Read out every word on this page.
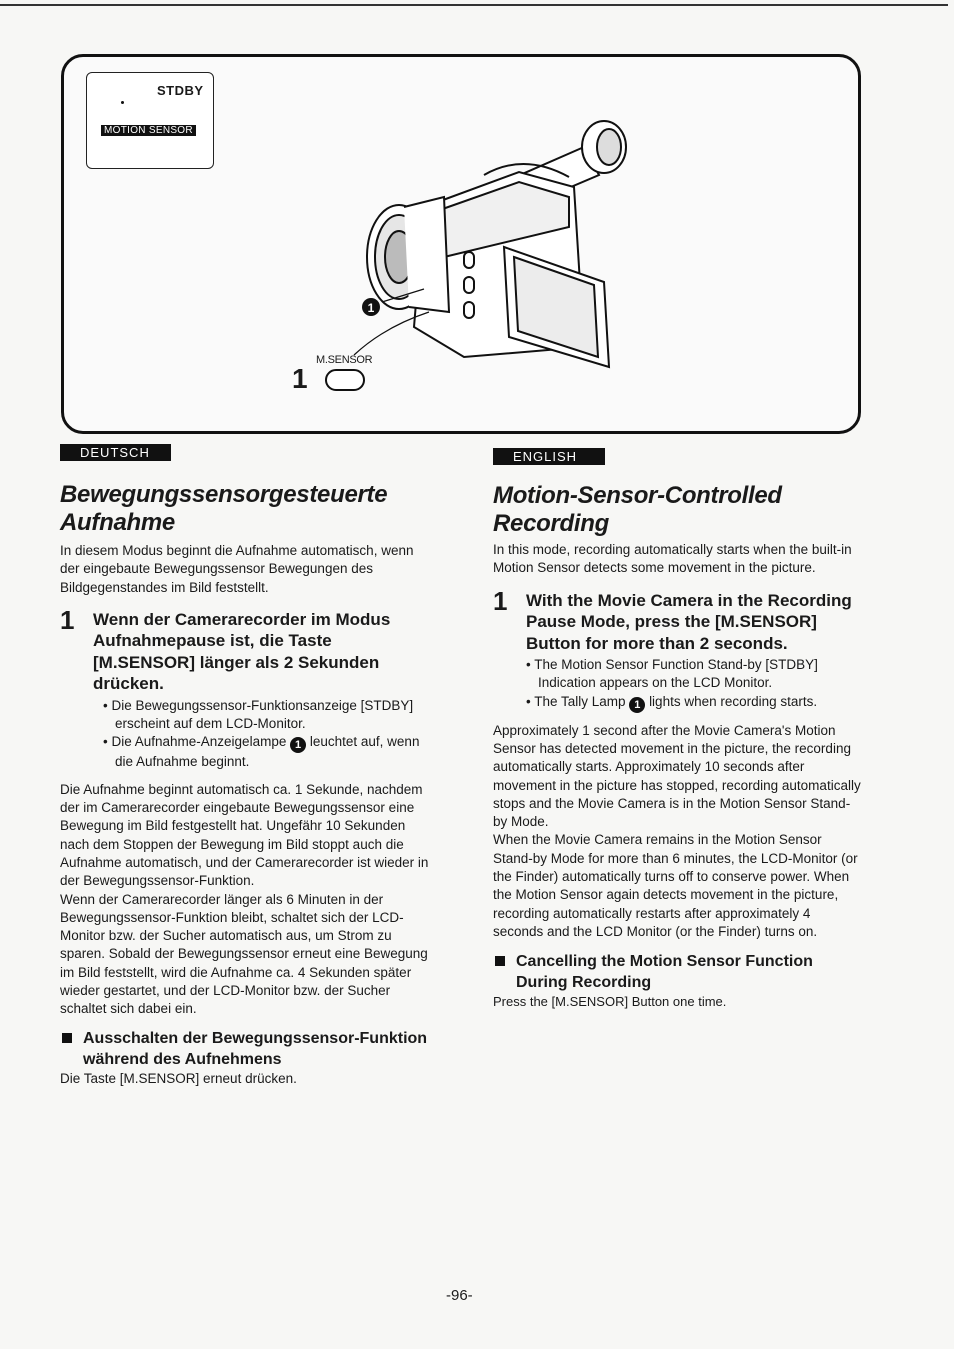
STDBY
MOTION SENSOR
1
M.SENSOR
1
DEUTSCH	ENGLISH
Bewegungssensorgesteuerte
Aufnahme

In diesem Modus beginnt die Aufnahme automatisch, wenn der eingebaute Bewegungssensor Bewegungen des Bildgegenstandes im Bild feststellt.

1 Wenn der Camerarecorder im Modus Aufnahmepause ist, die Taste [M.SENSOR] länger als 2 Sekunden drücken.

• Die Bewegungssensor-Funktionsanzeige [STDBY] erscheint auf dem LCD-Monitor.

• Die Aufnahme-Anzeigelampe 1 leuchtet auf, wenn die Aufnahme beginnt.

Die Aufnahme beginnt automatisch ca. 1 Sekunde, nachdem der im Camerarecorder eingebaute Bewegungssensor eine Bewegung im Bild festgestellt hat. Ungefähr 10 Sekunden nach dem Stoppen der Bewegung im Bild stoppt auch die Aufnahme automatisch, und der Camerarecorder ist wieder in der Bewegungssensor-Funktion.

Wenn der Camerarecorder länger als 6 Minuten in der Bewegungssensor-Funktion bleibt, schaltet sich der LCD-Monitor bzw. der Sucher automatisch aus, um Strom zu sparen. Sobald der Bewegungssensor erneut eine Bewegung im Bild feststellt, wird die Aufnahme ca. 4 Sekunden später wieder gestartet, und der LCD-Monitor bzw. der Sucher schaltet sich dabei ein.

Ausschalten der Bewegungssensor-Funktion während des Aufnehmens

Die Taste [M.SENSOR] erneut drücken.

Motion-Sensor-Controlled
Recording

In this mode, recording automatically starts when the built-in Motion Sensor detects some movement in the picture.

1 With the Movie Camera in the Recording Pause Mode, press the [M.SENSOR] Button for more than 2 seconds.

• The Motion Sensor Function Stand-by [STDBY] Indication appears on the LCD Monitor.

• The Tally Lamp 1 lights when recording starts.

Approximately 1 second after the Movie Camera's Motion Sensor has detected movement in the picture, the recording automatically starts. Approximately 10 seconds after movement in the picture has stopped, recording automatically stops and the Movie Camera is in the Motion Sensor Stand-by Mode.

When the Movie Camera remains in the Motion Sensor Stand-by Mode for more than 6 minutes, the LCD-Monitor (or the Finder) automatically turns off to conserve power. When the Motion Sensor again detects movement in the picture, recording automatically restarts after approximately 4 seconds and the LCD Monitor (or the Finder) turns on.

Cancelling the Motion Sensor Function During Recording

Press the [M.SENSOR] Button one time.

-96-
